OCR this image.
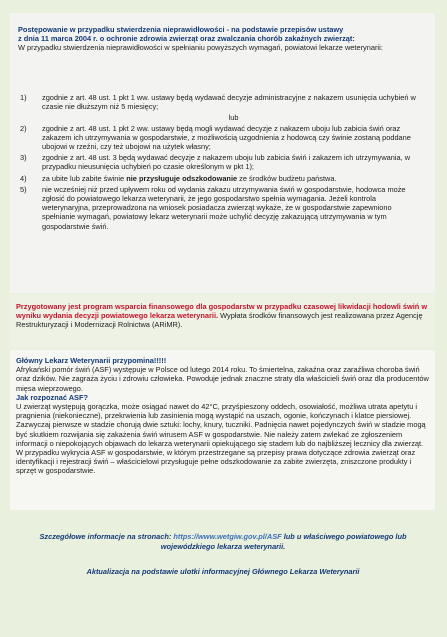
Postępowanie w przypadku stwierdzenia nieprawidłowości - na podstawie przepisów ustawy
z dnia 11 marca 2004 r. o ochronie zdrowia zwierząt oraz zwalczania chorób zakaźnych zwierząt:
W przypadku stwierdzenia nieprawidłowości w spełnianiu powyższych wymagań, powiatowi lekarze weterynarii:
1) zgodnie z art. 48 ust. 1 pkt 1 ww. ustawy będą wydawać decyzje administracyjne z nakazem usunięcia uchybień w czasie nie dłuższym niż 5 miesięcy;
lub
2) zgodnie z art. 48 ust. 1 pkt 2 ww. ustawy będą mogli wydawać decyzje z nakazem uboju lub zabicia świń oraz zakazem ich utrzymywania w gospodarstwie, z możliwością uzgodnienia z hodowcą czy świnie zostaną poddane ubojowi w rzeźni, czy też ubojowi na użytek własny;
3) zgodnie z art. 48 ust. 3 będą wydawać decyzje z nakazem uboju lub zabicia świń i zakazem ich utrzymywania, w przypadku nieusunięcia uchybień po czasie określonym w pkt 1);
4) za ubite lub zabite świnie nie przysługuje odszkodowanie ze środków budżetu państwa.
5) nie wcześniej niż przed upływem roku od wydania zakazu utrzymywania świń w gospodarstwie, hodowca może zgłosić do powiatowego lekarza weterynarii, że jego gospodarstwo spełnia wymagania. Jeżeli kontrola weterynaryjna, przeprowadzona na wniosek posiadacza zwierząt wykaże, że w gospodarstwie zapewniono spełnianie wymagań, powiatowy lekarz weterynarii może uchylić decyzję zakazującą utrzymywania w tym gospodarstwie świń.
Przygotowany jest program wsparcia finansowego dla gospodarstw w przypadku czasowej likwidacji hodowli świń w wyniku wydania decyzji powiatowego lekarza weterynarii. Wypłata środków finansowych jest realizowana przez Agencję Restrukturyzacji i Modernizacji Rolnictwa (ARiMR).

Główny Lekarz Weterynarii przypomina!!!!!

Afrykański pomór świń (ASF) występuje w Polsce od lutego 2014 roku. To śmiertelna, zakaźna oraz zaraźliwa choroba świń oraz dzików. Nie zagraża życiu i zdrowiu człowieka. Powoduje jednak znaczne straty dla właścicieli świń oraz dla producentów mięsa wieprzowego.

Jak rozpoznać ASF?

U zwierząt występują gorączka, może osiągać nawet do 42°C, przyśpieszony oddech, osowiałość, możliwa utrata apetytu i pragnienia (niekonieczne), przekrwienia lub zasinienia mogą wystąpić na uszach, ogonie, kończynach i klatce piersiowej. Zazwyczaj pierwsze w stadzie chorują dwie sztuki: lochy, knury, tuczniki. Padnięcia nawet pojedynczych świń w stadzie mogą być skutkiem rozwijania się zakażenia świń wirusem ASF w gospodarstwie. Nie należy zatem zwlekać ze zgłoszeniem informacji o niepokojących objawach do lekarza weterynarii opiekującego się stadem lub do najbliższej lecznicy dla zwierząt. W przypadku wykrycia ASF w gospodarstwie, w którym przestrzegane są przepisy prawa dotyczące zdrowia zwierząt oraz identyfikacji i rejestracji świń – właścicielowi przysługuje pełne odszkodowanie za zabite zwierzęta, zniszczone produkty i sprzęt w gospodarstwie.

Szczegółowe informacje na stronach: https://www.wetgiw.gov.pl/ASF lub u właściwego powiatowego lub wojewódzkiego lekarza weterynarii.

Aktualizacja na podstawie ulotki informacyjnej Głównego Lekarza Weterynarii
